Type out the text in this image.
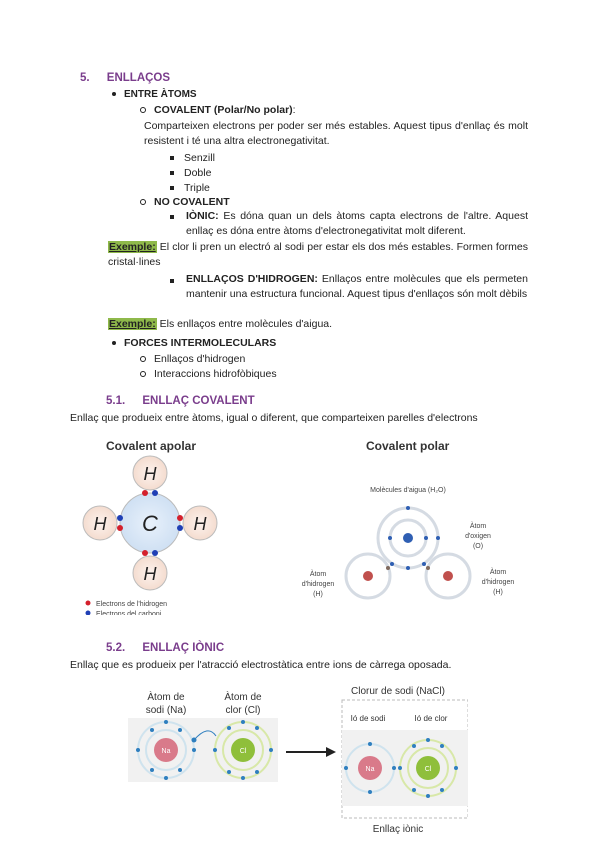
5. ENLLAÇOS
ENTRE ÀTOMS
COVALENT (Polar/No polar):
Comparteixen electrons per poder ser més estables. Aquest tipus d'enllaç és molt resistent i té una altra electronegativitat.
Senzill
Doble
Triple
NO COVALENT
IÒNIC: Es dóna quan un dels àtoms capta electrons de l'altre. Aquest enllaç es dóna entre àtoms d'electronegativitat molt diferent.
Exemple: El clor li pren un electró al sodi per estar els dos més estables. Formen formes cristal·lines
ENLLAÇOS D'HIDROGEN: Enllaços entre molècules que els permeten mantenir una estructura funcional. Aquest tipus d'enllaços són molt dèbils
Exemple: Els enllaços entre molècules d'aigua.
FORCES INTERMOLECULARS
Enllaços d'hidrogen
Interaccions hidrofòbiques
5.1. ENLLAÇ COVALENT
Enllaç que produeix entre àtoms, igual o diferent, que comparteixen parelles d'electrons
Covalent apolar
C
H
H	H
H
Electrons de l'hidrogen
Electrons del carboni
Covalent polar
Molècules d'aigua (H₂O)
Àtom
d'oxigen
(O)
Àtom
d'hidrogen
(H)
Àtom
d'hidrogen
(H)
5.2. ENLLAÇ IÒNIC
Enllaç que es produeix per l'atracció electrostàtica entre ions de càrrega oposada.
Àtom de
sodi (Na)
Àtom de
clor (Cl)
Na	Cl
Clorur de sodi (NaCl)
Ió de sodi	Ió de clor
Na	Cl
Enllaç iònic
